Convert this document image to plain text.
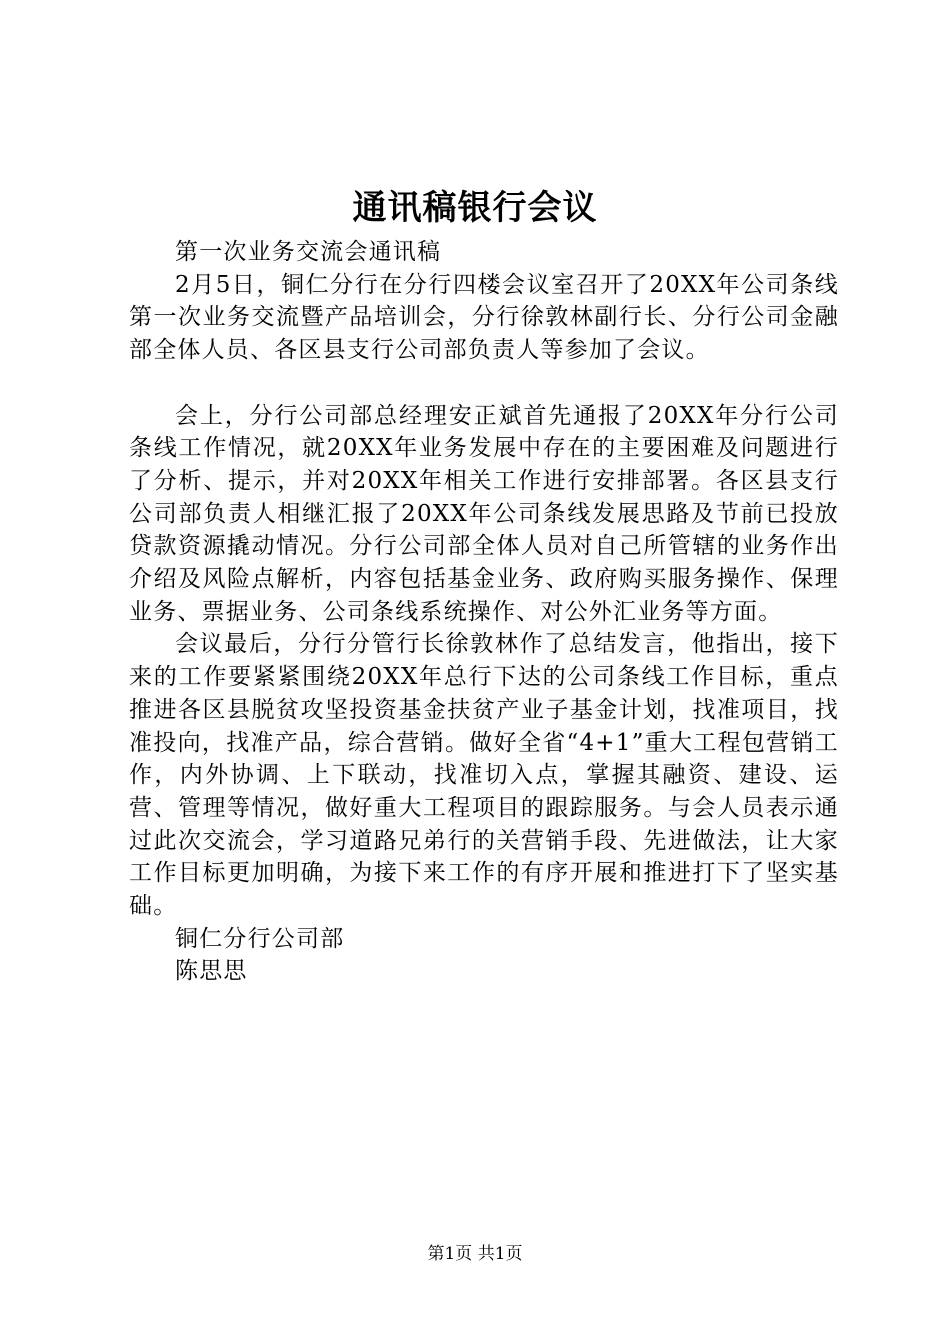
通讯稿银行会议

第一次业务交流会通讯稿

2月5日，铜仁分行在分行四楼会议室召开了20XX年公司条线第一次业务交流暨产品培训会，分行徐敦林副行长、分行公司金融部全体人员、各区县支行公司部负责人等参加了会议。

会上，分行公司部总经理安正斌首先通报了20XX年分行公司条线工作情况，就20XX年业务发展中存在的主要困难及问题进行了分析、提示，并对20XX年相关工作进行安排部署。各区县支行公司部负责人相继汇报了20XX年公司条线发展思路及节前已投放贷款资源撬动情况。分行公司部全体人员对自己所管辖的业务作出介绍及风险点解析，内容包括基金业务、政府购买服务操作、保理业务、票据业务、公司条线系统操作、对公外汇业务等方面。

会议最后，分行分管行长徐敦林作了总结发言，他指出，接下来的工作要紧紧围绕20XX年总行下达的公司条线工作目标，重点推进各区县脱贫攻坚投资基金扶贫产业子基金计划，找准项目，找准投向，找准产品，综合营销。做好全省“4+1”重大工程包营销工作，内外协调、上下联动，找准切入点，掌握其融资、建设、运营、管理等情况，做好重大工程项目的跟踪服务。与会人员表示通过此次交流会，学习道路兄弟行的关营销手段、先进做法，让大家工作目标更加明确，为接下来工作的有序开展和推进打下了坚实基础。

铜仁分行公司部

陈思思

第1页 共1页
